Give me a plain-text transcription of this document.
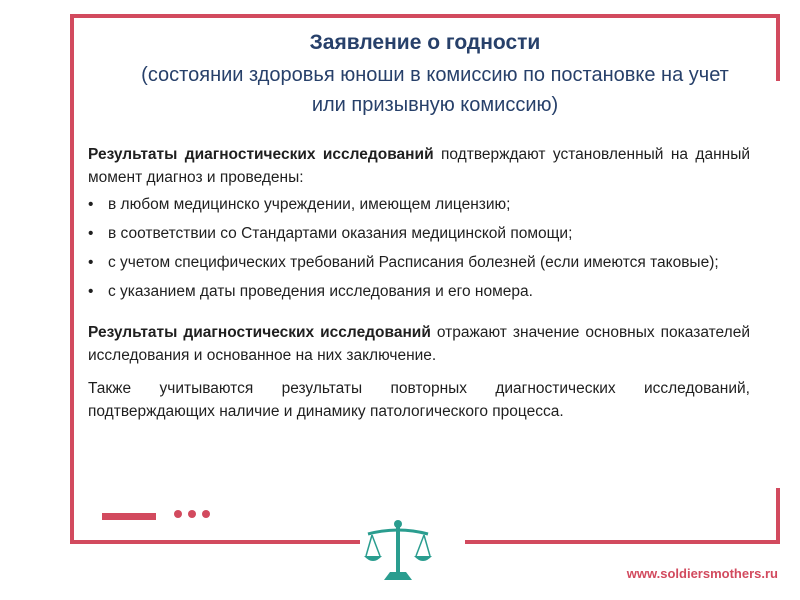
Заявление о годности
(состоянии здоровья юноши в комиссию по постановке на учет или призывную комиссию)

Результаты диагностических исследований подтверждают установленный на данный момент диагноз и проведены:

• в любом медицинско учреждении, имеющем лицензию;
• в соответствии со Стандартами оказания медицинской помощи;
• с учетом специфических требований Расписания болезней (если имеются таковые);
• с указанием даты проведения исследования и его номера.

Результаты диагностических исследований отражают значение основных показателей исследования и основанное на них заключение.

Также учитываются результаты повторных диагностических исследований, подтверждающих наличие и динамику патологического процесса.

www.soldiersmothers.ru
